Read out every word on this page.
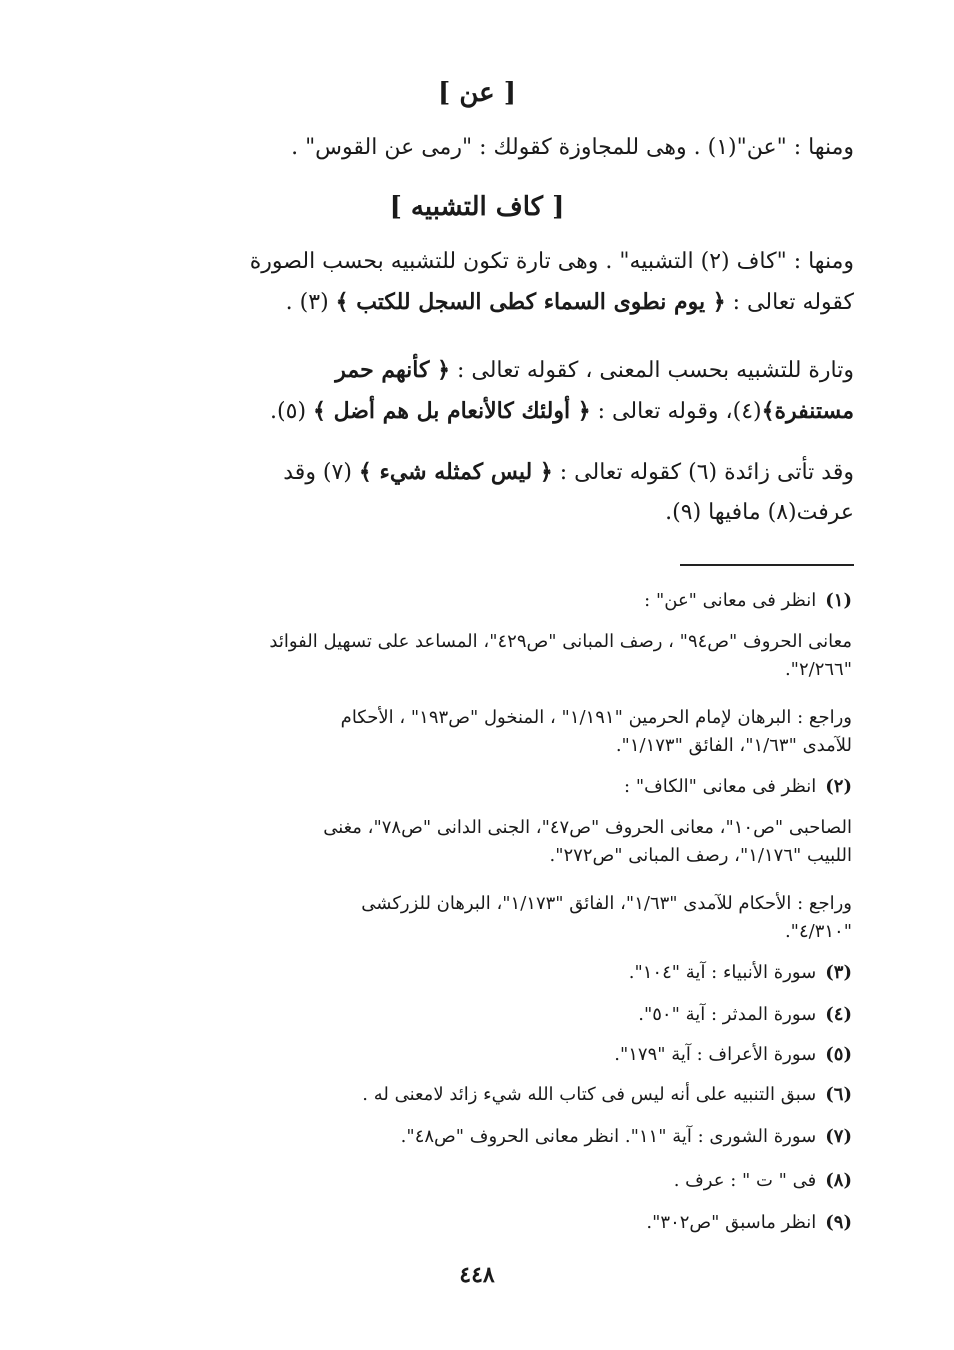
[ عن ]
ومنها : "عن"(١) . وهى للمجاوزة كقولك : "رمى عن القوس" .
[ كاف التشبيه ]
ومنها : "كاف (٢) التشبيه" . وهى تارة تكون للتشبيه بحسب الصورة
كقوله تعالى : ﴿ يوم نطوى السماء كطى السجل للكتب ﴾ (٣) .
وتارة للتشبيه بحسب المعنى ، كقوله تعالى : ﴿ كأنهم حمر
مستنفرة﴾(٤)، وقوله تعالى : ﴿ أولئك كالأنعام بل هم أضل ﴾ (٥).
وقد تأتى زائدة (٦) كقوله تعالى : ﴿ ليس كمثله شيء ﴾ (٧) وقد
عرفت(٨) مافيها (٩).
(١) انظر فى معانى "عن" :
معانى الحروف "ص٩٤" ، رصف المبانى "ص٤٢٩"، المساعد على تسهيل الفوائد
"٢/٢٦٦".
وراجع : البرهان لإمام الحرمين "١/١٩١" ، المنخول "ص١٩٣" ، الأحكام
للآمدى "١/٦٣"، الفائق "١/١٧٣".
(٢) انظر فى معانى "الكاف" :
الصاحبى "ص١٠"، معانى الحروف "ص٤٧"، الجنى الدانى "ص٧٨"، مغنى
اللبيب "١/١٧٦"، رصف المبانى "ص٢٧٢".
وراجع : الأحكام للآمدى "١/٦٣"، الفائق "١/١٧٣"، البرهان للزركشى
"٤/٣١٠".
(٣) سورة الأنبياء : آية "١٠٤".
(٤) سورة المدثر : آية "٥٠".
(٥) سورة الأعراف : آية "١٧٩".
(٦) سبق التنبيه على أنه ليس فى كتاب الله شيء زائد لامعنى له .
(٧) سورة الشورى : آية "١١". انظر معانى الحروف "ص٤٨".
(٨) فى " ت " : عرف .
(٩) انظر ماسبق "ص٣٠٢".
٤٤٨
